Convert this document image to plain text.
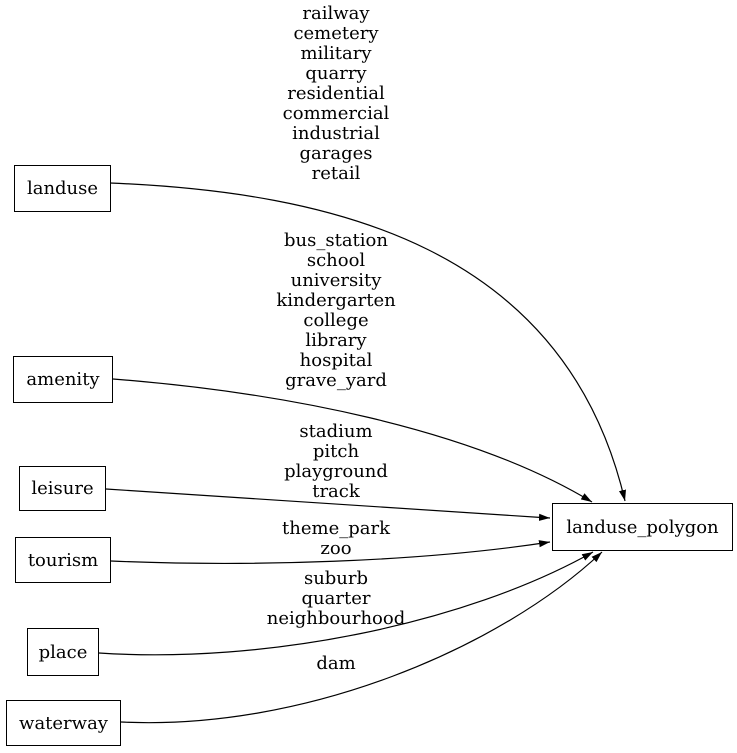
railway
cemetery
military
quarry
residential
commercial
industrial
garages
retail
bus_station
school
university
kindergarten
college
library
hospital
grave_yard
stadium
pitch
playground
track
theme_park
zoo
suburb
quarter
neighbourhood
dam
landuse
amenity
leisure
tourism
place
waterway
landuse_polygon
